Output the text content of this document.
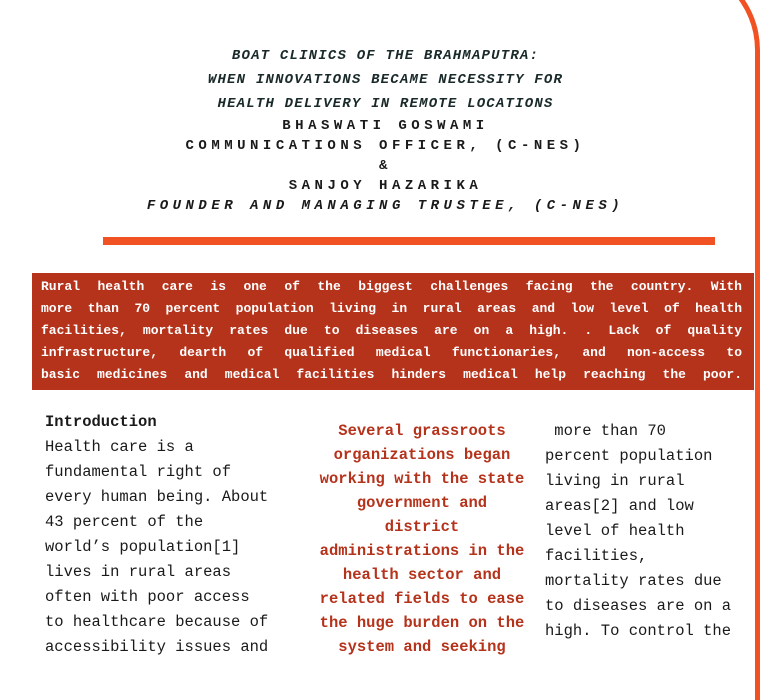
BOAT CLINICS OF THE BRAHMAPUTRA:
WHEN INNOVATIONS BECAME NECESSITY FOR
HEALTH DELIVERY IN REMOTE LOCATIONS
BHASWATI GOSWAMI
COMMUNICATIONS OFFICER, (C-NES)
&
SANJOY HAZARIKA
FOUNDER AND MANAGING TRUSTEE, (C-NES)
Rural health care is one of the biggest challenges facing the country. With
more than 70 percent population living in rural areas and low level of health
facilities, mortality rates due to diseases are on a high. . Lack of quality
infrastructure, dearth of qualified medical functionaries, and non-access to
basic medicines and medical facilities hinders medical help reaching the poor.

Introduction

Health care is a

fundamental right of

every human being. About

43 percent of the

world’s population[1]

lives in rural areas

often with poor access

to healthcare because of

accessibility issues and

Several grassroots

organizations began

working with the state

government and

district

administrations in the

health sector and

related fields to ease

the huge burden on the

system and seeking

more than 70

percent population

living in rural

areas[2] and low

level of health

facilities,

mortality rates due

to diseases are on a

high. To control the
